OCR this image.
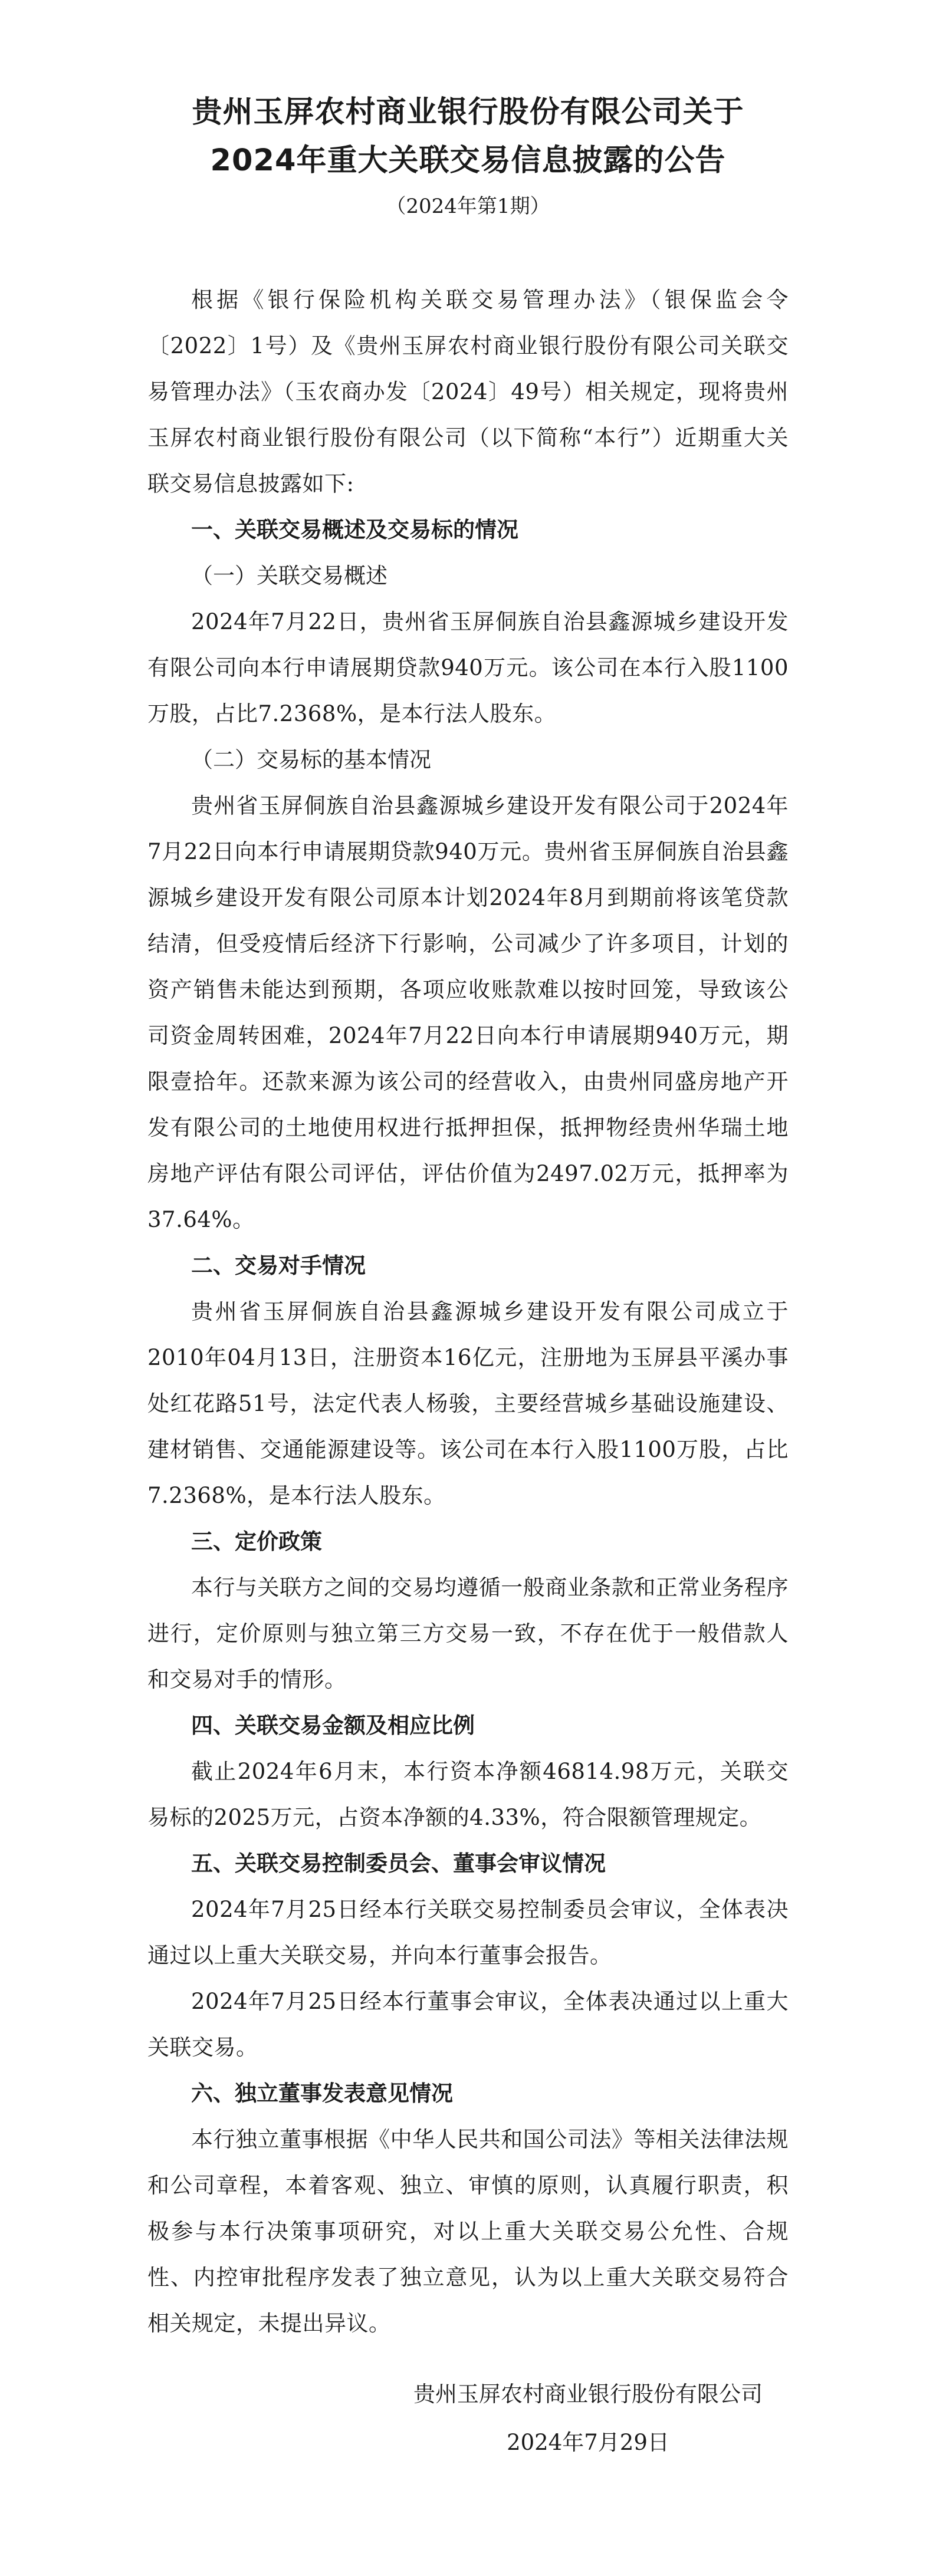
贵州玉屏农村商业银行股份有限公司关于
2024年重大关联交易信息披露的公告
（2024年第1期）

根据《银行保险机构关联交易管理办法》（银保监会令〔2022〕1号）及《贵州玉屏农村商业银行股份有限公司关联交易管理办法》（玉农商办发〔2024〕49号）相关规定，现将贵州玉屏农村商业银行股份有限公司（以下简称“本行”）近期重大关联交易信息披露如下:

一、关联交易概述及交易标的情况
（一）关联交易概述

2024年7月22日，贵州省玉屏侗族自治县鑫源城乡建设开发有限公司向本行申请展期贷款940万元。该公司在本行入股1100万股，占比7.2368%，是本行法人股东。

（二）交易标的基本情况

贵州省玉屏侗族自治县鑫源城乡建设开发有限公司于2024年7月22日向本行申请展期贷款940万元。贵州省玉屏侗族自治县鑫源城乡建设开发有限公司原本计划2024年8月到期前将该笔贷款结清，但受疫情后经济下行影响，公司减少了许多项目，计划的资产销售未能达到预期，各项应收账款难以按时回笼，导致该公司资金周转困难，2024年7月22日向本行申请展期940万元，期限壹拾年。还款来源为该公司的经营收入，由贵州同盛房地产开发有限公司的土地使用权进行抵押担保，抵押物经贵州华瑞土地房地产评估有限公司评估，评估价值为2497.02万元，抵押率为37.64%。

二、交易对手情况

贵州省玉屏侗族自治县鑫源城乡建设开发有限公司成立于2010年04月13日，注册资本16亿元，注册地为玉屏县平溪办事处红花路51号，法定代表人杨骏，主要经营城乡基础设施建设、建材销售、交通能源建设等。该公司在本行入股1100万股，占比7.2368%，是本行法人股东。

三、定价政策

本行与关联方之间的交易均遵循一般商业条款和正常业务程序进行，定价原则与独立第三方交易一致，不存在优于一般借款人和交易对手的情形。

四、关联交易金额及相应比例

截止2024年6月末，本行资本净额46814.98万元，关联交易标的2025万元，占资本净额的4.33%，符合限额管理规定。

五、关联交易控制委员会、董事会审议情况

2024年7月25日经本行关联交易控制委员会审议，全体表决通过以上重大关联交易，并向本行董事会报告。

2024年7月25日经本行董事会审议，全体表决通过以上重大关联交易。

六、独立董事发表意见情况

本行独立董事根据《中华人民共和国公司法》等相关法律法规和公司章程，本着客观、独立、审慎的原则，认真履行职责，积极参与本行决策事项研究，对以上重大关联交易公允性、合规性、内控审批程序发表了独立意见，认为以上重大关联交易符合相关规定，未提出异议。

贵州玉屏农村商业银行股份有限公司
2024年7月29日
